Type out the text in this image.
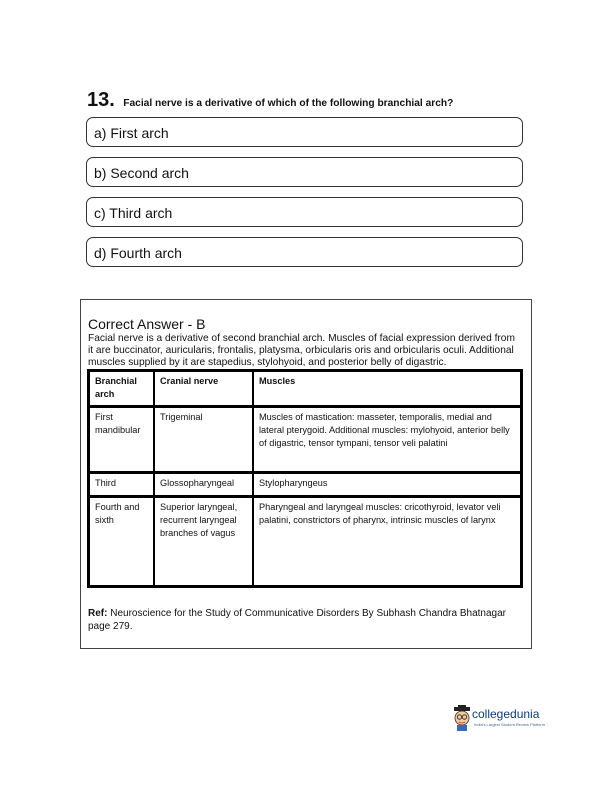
13. Facial nerve is a derivative of which of the following branchial arch?
a) First arch
b) Second arch
c) Third arch
d) Fourth arch
Correct Answer - B
Facial nerve is a derivative of second branchial arch. Muscles of facial expression derived from it are buccinator, auricularis, frontalis, platysma, orbicularis oris and orbicularis oculi. Additional muscles supplied by it are stapedius, stylohyoid, and posterior belly of digastric.
Ref: Neuroscience for the Study of Communicative Disorders By Subhash Chandra Bhatnagar page 279.
Branchial arch	Cranial nerve	Muscles
First mandibular	Trigeminal	Muscles of mastication: masseter, temporalis, medial and lateral pterygoid. Additional muscles: mylohyoid, anterior belly of digastric, tensor tympani, tensor veli palatini
Third	Glossopharyngeal	Stylopharyngeus
Fourth and sixth	Superior laryngeal, recurrent laryngeal branches of vagus	Pharyngeal and laryngeal muscles: cricothyroid, levator veli palatini, constrictors of pharynx, intrinsic muscles of larynx
collegedunia
India's Largest Student Review Platform
